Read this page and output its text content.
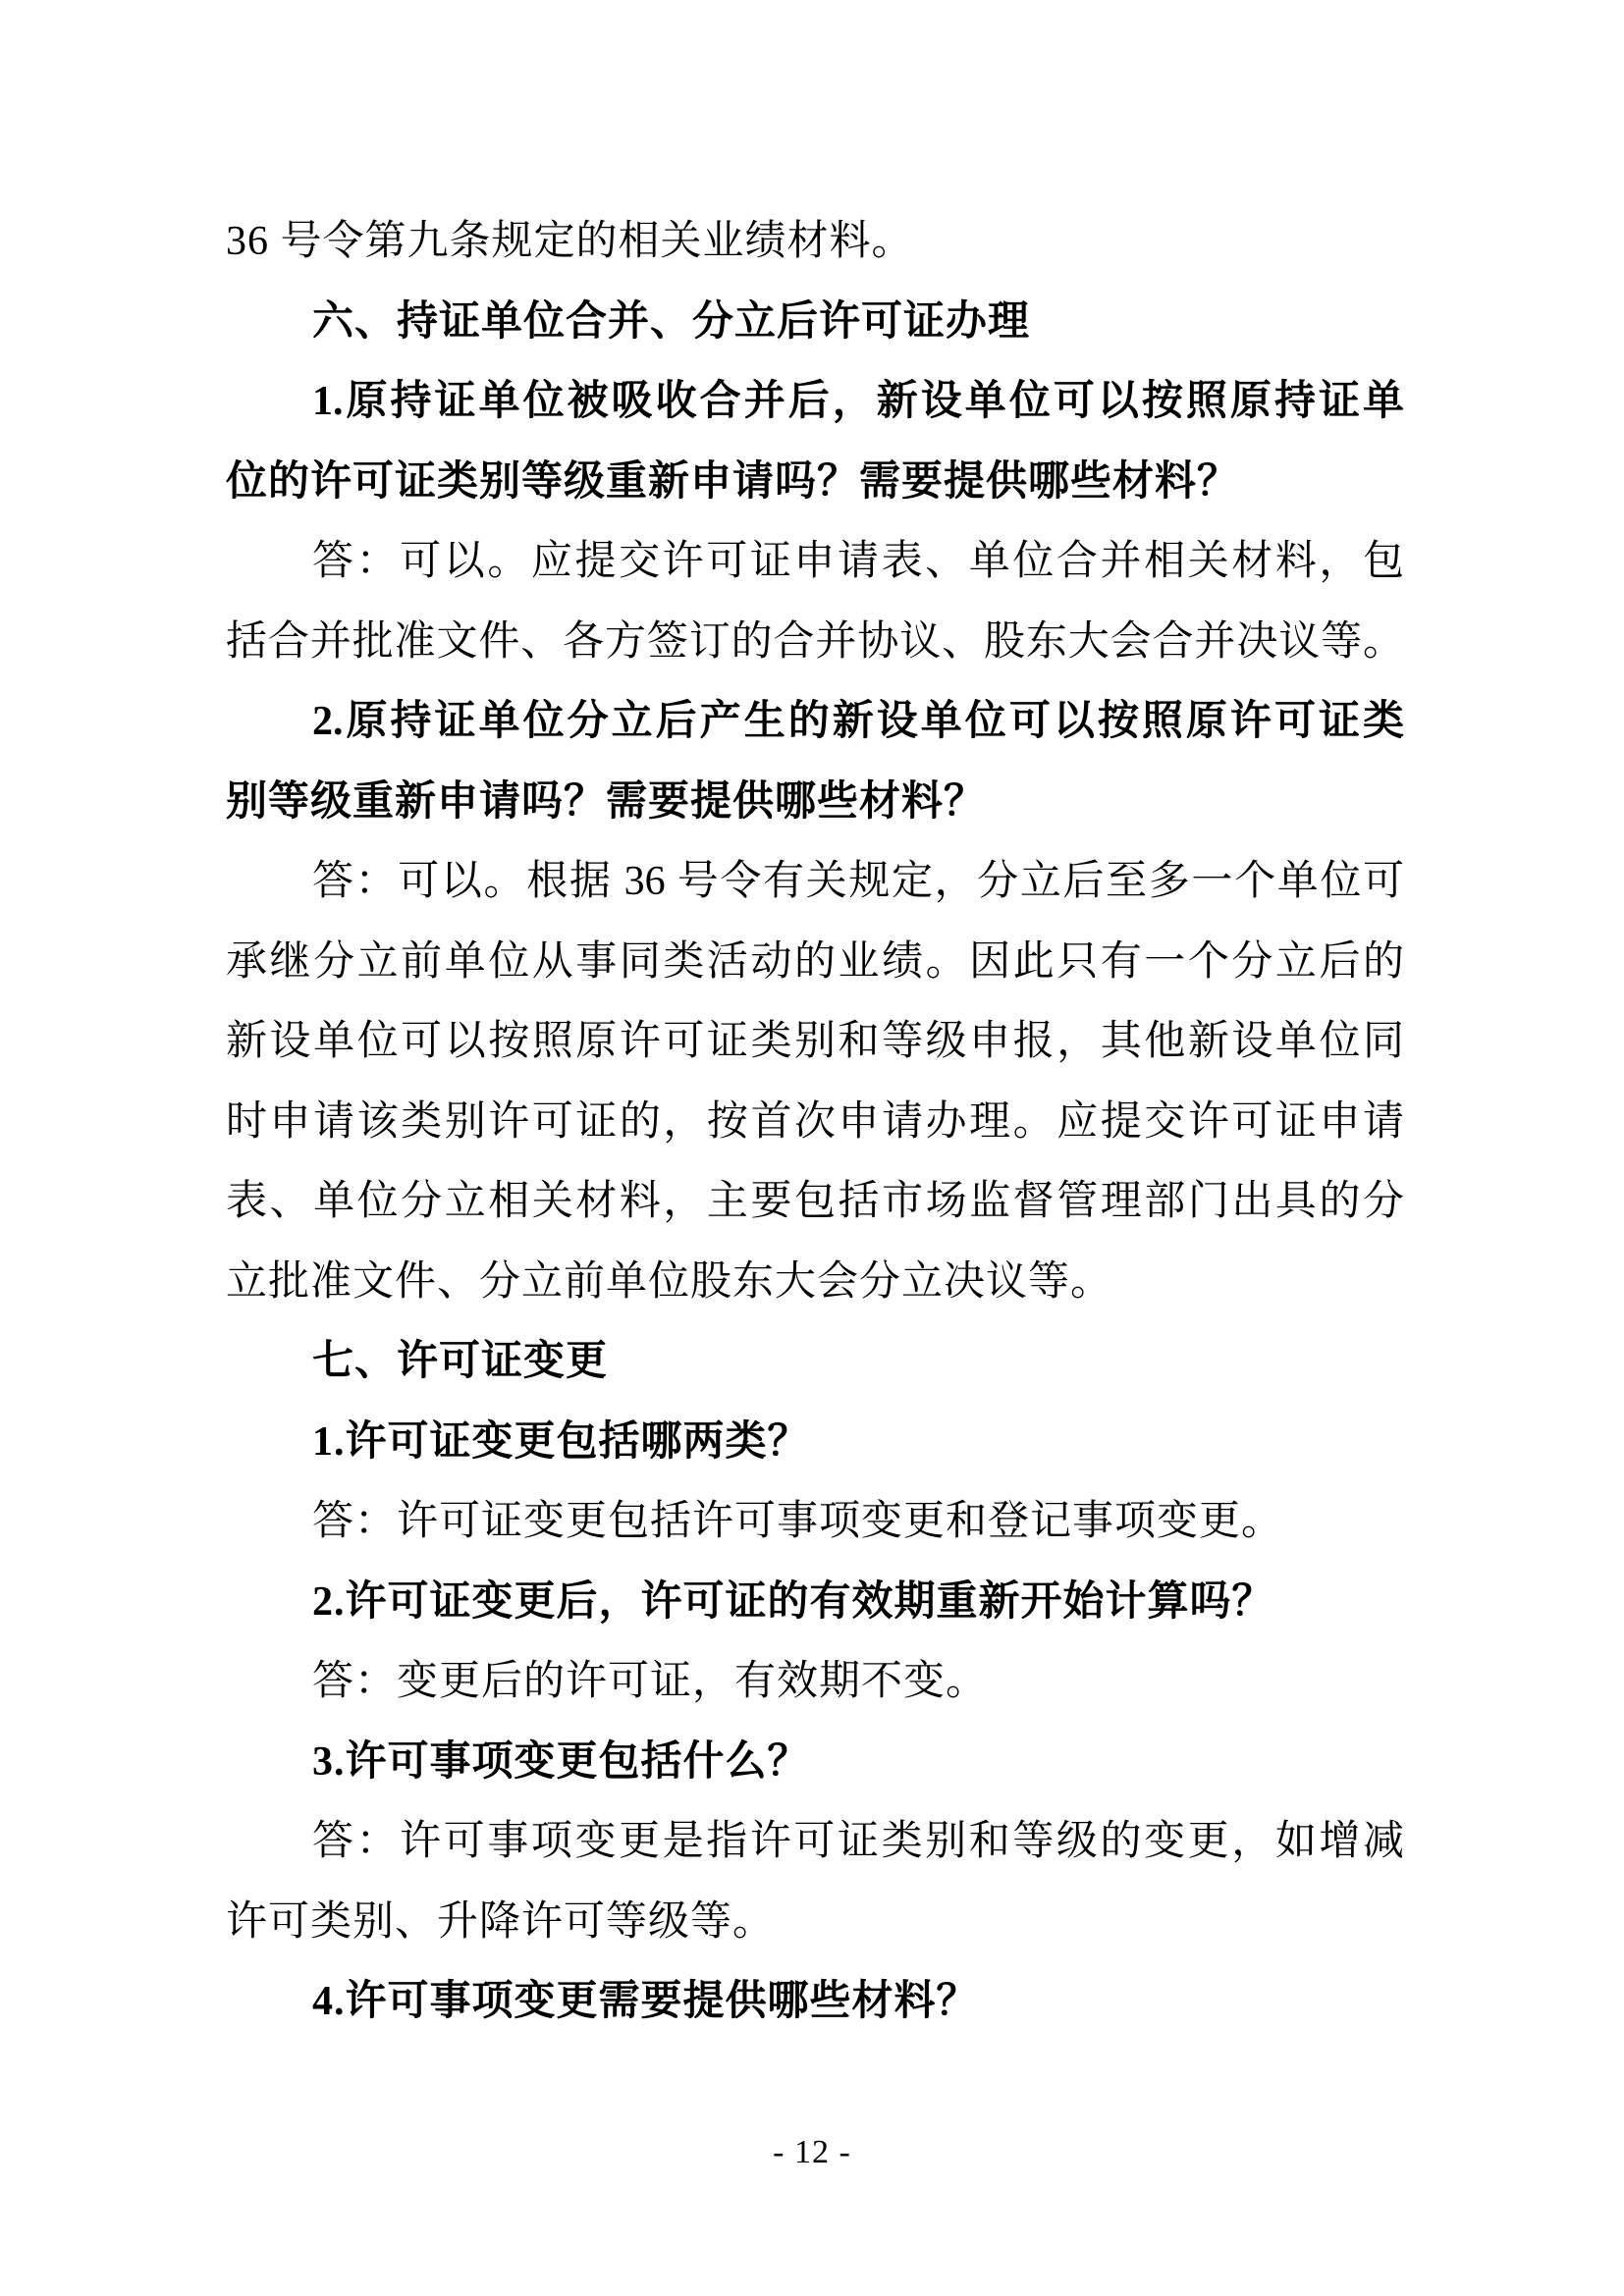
36 号令第九条规定的相关业绩材料。
六、持证单位合并、分立后许可证办理
1.原持证单位被吸收合并后，新设单位可以按照原持证单
位的许可证类别等级重新申请吗？需要提供哪些材料？
答：可以。应提交许可证申请表、单位合并相关材料，包
括合并批准文件、各方签订的合并协议、股东大会合并决议等。
2.原持证单位分立后产生的新设单位可以按照原许可证类
别等级重新申请吗？需要提供哪些材料？
答：可以。根据 36 号令有关规定，分立后至多一个单位可
承继分立前单位从事同类活动的业绩。因此只有一个分立后的
新设单位可以按照原许可证类别和等级申报，其他新设单位同
时申请该类别许可证的，按首次申请办理。应提交许可证申请
表、单位分立相关材料，主要包括市场监督管理部门出具的分
立批准文件、分立前单位股东大会分立决议等。
七、许可证变更
1.许可证变更包括哪两类？
答：许可证变更包括许可事项变更和登记事项变更。
2.许可证变更后，许可证的有效期重新开始计算吗？
答：变更后的许可证，有效期不变。
3.许可事项变更包括什么？
答：许可事项变更是指许可证类别和等级的变更，如增减
许可类别、升降许可等级等。
4.许可事项变更需要提供哪些材料？
- 12 -
